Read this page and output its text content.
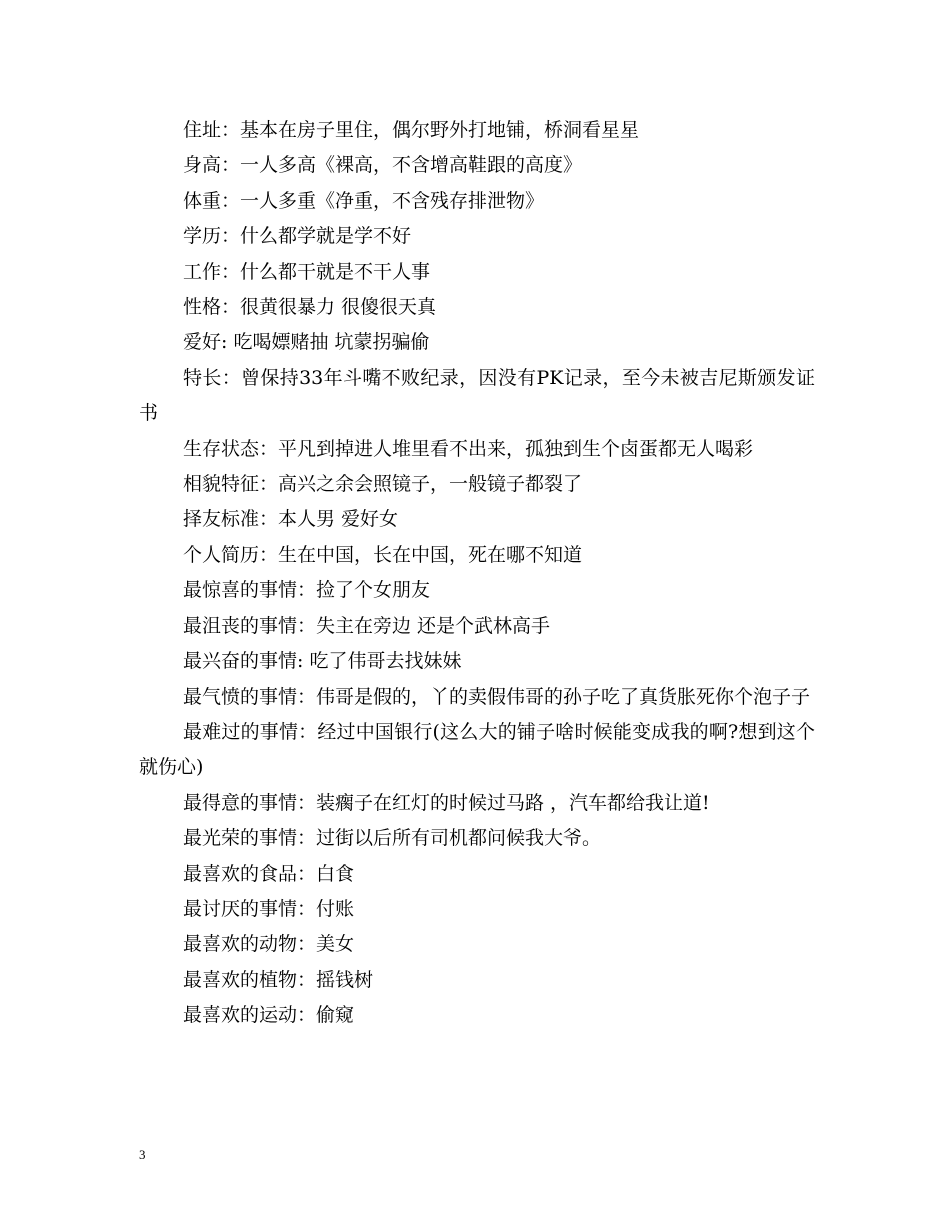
住址：基本在房子里住，偶尔野外打地铺，桥洞看星星

身高：一人多高《裸高，不含增高鞋跟的高度》

体重：一人多重《净重，不含残存排泄物》

学历：什么都学就是学不好

工作：什么都干就是不干人事

性格：很黄很暴力 很傻很天真

爱好: 吃喝嫖赌抽 坑蒙拐骗偷

特长：曾保持33年斗嘴不败纪录，因没有PK记录，至今未被吉尼斯颁发证书

生存状态：平凡到掉进人堆里看不出来，孤独到生个卤蛋都无人喝彩

相貌特征：高兴之余会照镜子，一般镜子都裂了

择友标准：本人男 爱好女

个人简历：生在中国，长在中国，死在哪不知道

最惊喜的事情：捡了个女朋友

最沮丧的事情：失主在旁边 还是个武林高手

最兴奋的事情: 吃了伟哥去找妹妹

最气愤的事情：伟哥是假的，丫的卖假伟哥的孙子吃了真货胀死你个泡子子

最难过的事情：经过中国银行(这么大的铺子啥时候能变成我的啊?想到这个就伤心)

最得意的事情：装瘸子在红灯的时候过马路 ，汽车都给我让道!

最光荣的事情：过街以后所有司机都问候我大爷。

最喜欢的食品：白食

最讨厌的事情：付账

最喜欢的动物：美女

最喜欢的植物：摇钱树

最喜欢的运动：偷窥

3
